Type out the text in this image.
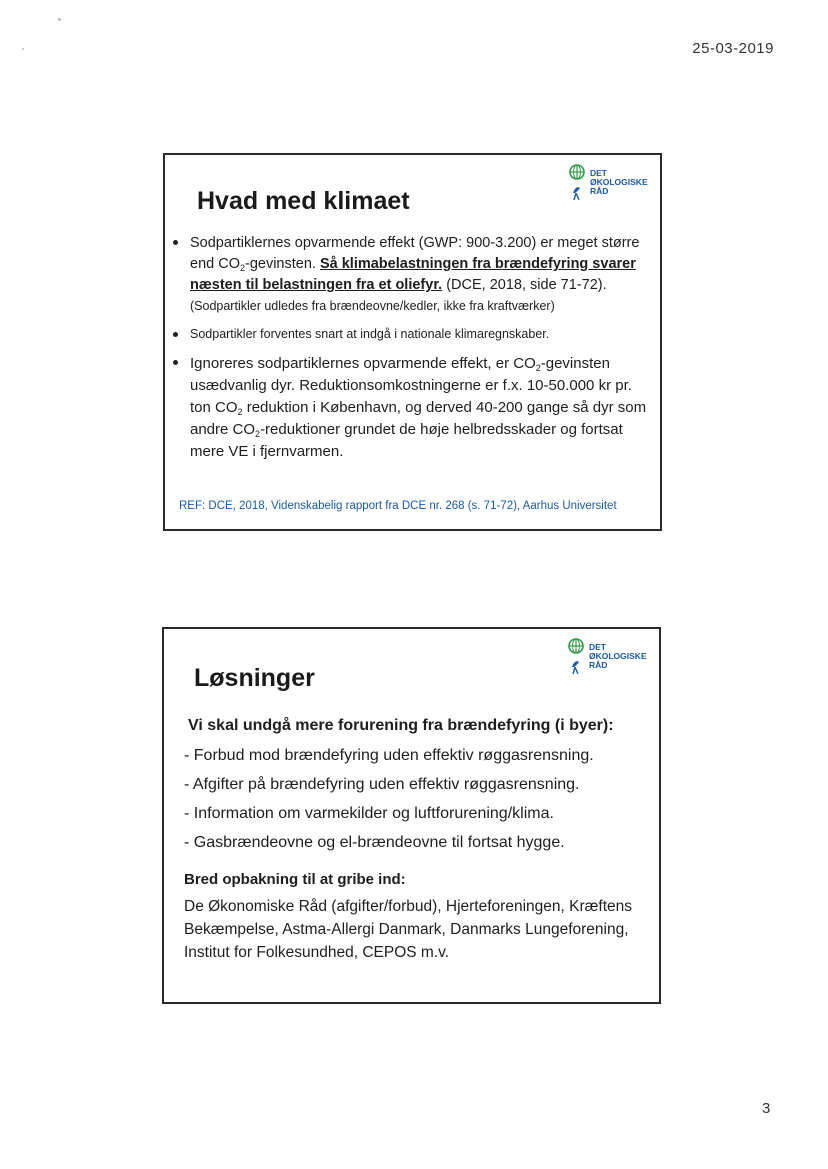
25-03-2019
DET
ØKOLOGISKE
RÅD
Hvad med klimaet
Sodpartiklernes opvarmende effekt (GWP: 900-3.200) er meget større end $CO_2$-gevinsten. Så klimabelastningen fra brændefyring svarer næsten til belastningen fra et oliefyr. (DCE, 2018, side 71-72).
(Sodpartikler udledes fra brændeovne/kedler, ikke fra kraftværker)
Sodpartikler forventes snart at indgå i nationale klimaregnskaber.
Ignoreres sodpartiklernes opvarmende effekt, er $CO_2$-gevinsten usædvanlig dyr. Reduktionsomkostningerne er f.x. 10-50.000 kr pr. ton $CO_2$ reduktion i København, og derved 40-200 gange så dyr som andre $CO_2$-reduktioner grundet de høje helbredsskader og fortsat mere VE i fjernvarmen.
REF: DCE, 2018, Videnskabelig rapport fra DCE nr. 268 (s. 71-72), Aarhus Universitet
DET
ØKOLOGISKE
RÅD
Løsninger
Vi skal undgå mere forurening fra brændefyring (i byer):
- Forbud mod brændefyring uden effektiv røggasrensning.
- Afgifter på brændefyring uden effektiv røggasrensning.
- Information om varmekilder og luftforurening/klima.
- Gasbrændeovne og el-brændeovne til fortsat hygge.
Bred opbakning til at gribe ind:
De Økonomiske Råd (afgifter/forbud), Hjerteforeningen, Kræftens Bekæmpelse, Astma-Allergi Danmark, Danmarks Lungeforening, Institut for Folkesundhed, CEPOS m.v.
3
